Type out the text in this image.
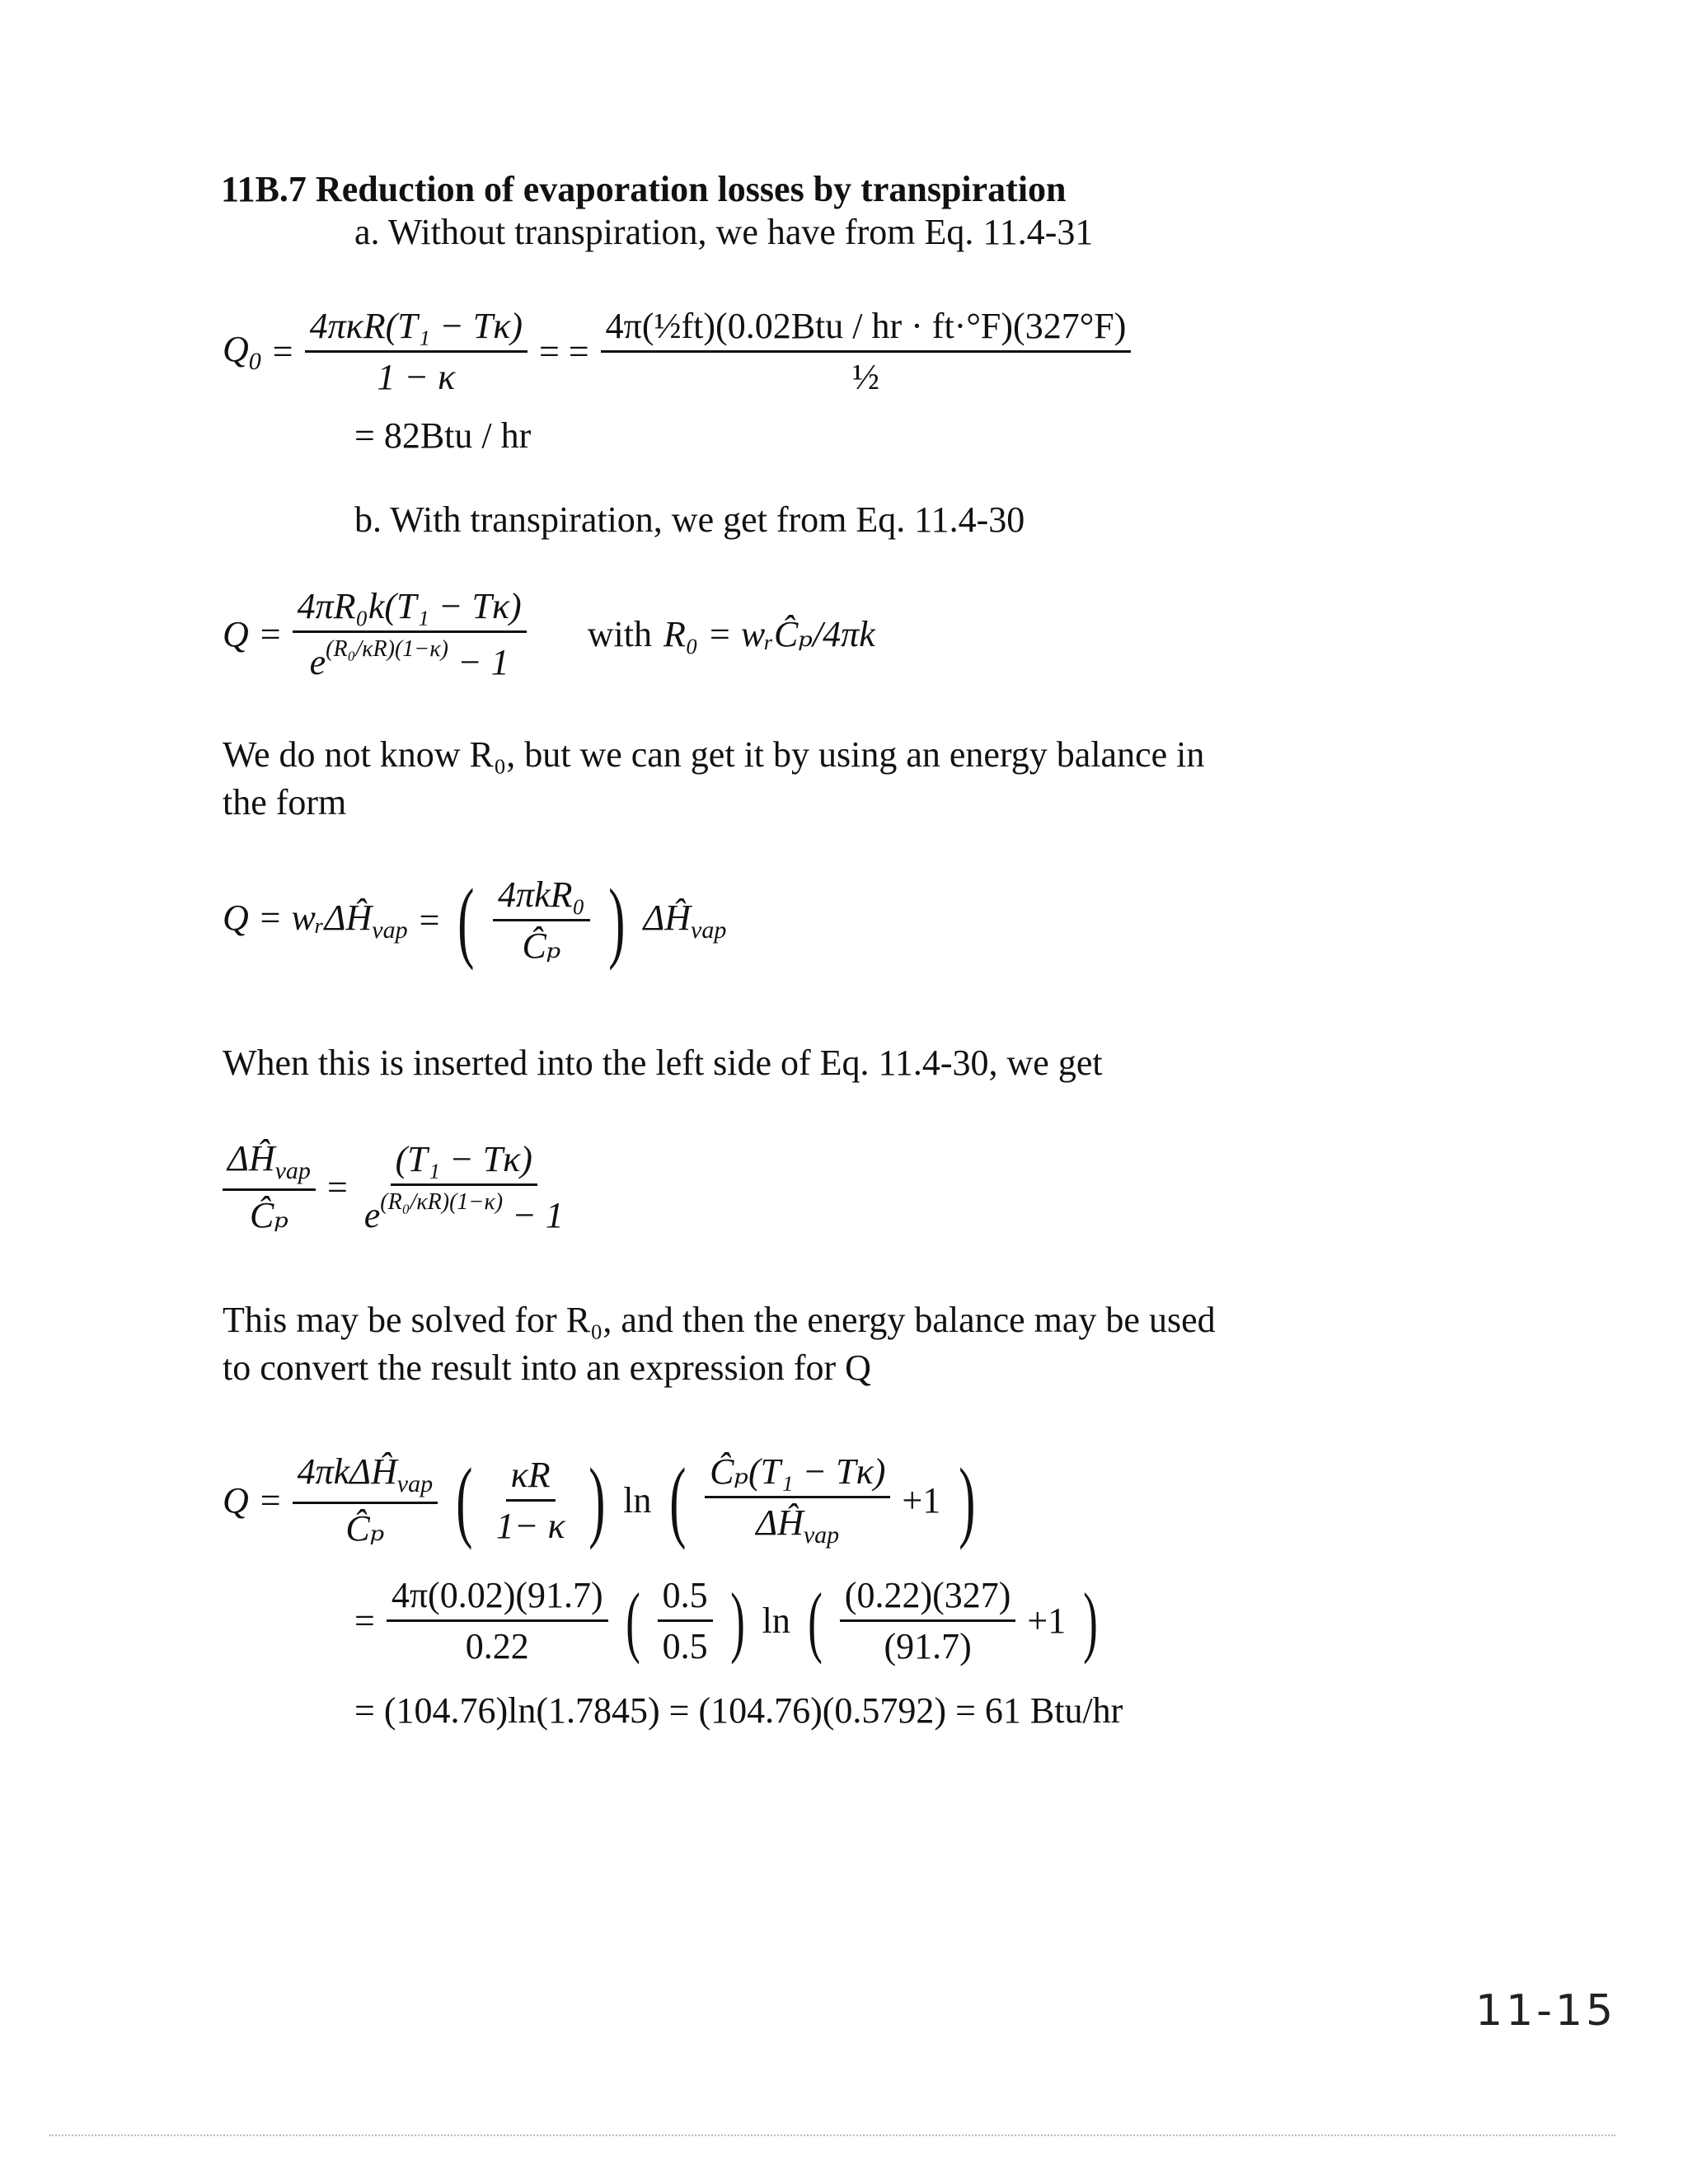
11B.7 Reduction of evaporation losses by transpiration
a. Without transpiration, we have from Eq. 11.4-31
$Q_0 = \frac{\text{4πκR(T₁ − Tκ)}}{1 - \kappa}$ = = $\frac{\text{4π(½ft)(0.02Btu / hr · ft·°F)(327°F)}}{\text{½}}$
= 82Btu / hr
b. With transpiration, we get from Eq. 11.4-30
$Q = \frac{\text{4πR₀k(T₁ − Tκ)}}{e^{(R_0/\kappa R)(1-\kappa)} - 1}$ with R₀ = wᵣĈₚ/4πk
We do not know R₀, but we can get it by using an energy balance in
the form
Q = wᵣΔĤ$_{vap}$ = ( $\frac{\text{4πkR₀}}{\text{Ĉₚ}}$ ) $\Delta Ĥ_{vap}$
When this is inserted into the left side of Eq. 11.4-30, we get
$\frac{\Delta Ĥ_{vap}}{\text{Ĉₚ}} = \frac{\text{(T₁ − Tκ)}}{e^{(R_0/\kappa R)(1-\kappa)} - 1}$
This may be solved for R₀, and then the energy balance may be used
to convert the result into an expression for Q
$Q = \frac{4\pi k\Delta Ĥ_{vap}}{\text{Ĉₚ}}$ ( $\frac{\kappa R}{1- \kappa}$ ) ln ( $\frac{\text{Ĉₚ(T₁ − Tκ)}}{\Delta Ĥ_{vap}} +1$ )
= $\frac{4\pi(0.02)(91.7)}{0.22}$ ( $\frac{0.5}{0.5}$ ) ln ( $\frac{(0.22)(327)}{(91.7)} +1$ )
= (104.76)ln(1.7845) = (104.76)(0.5792) = 61 Btu/hr
11-15
